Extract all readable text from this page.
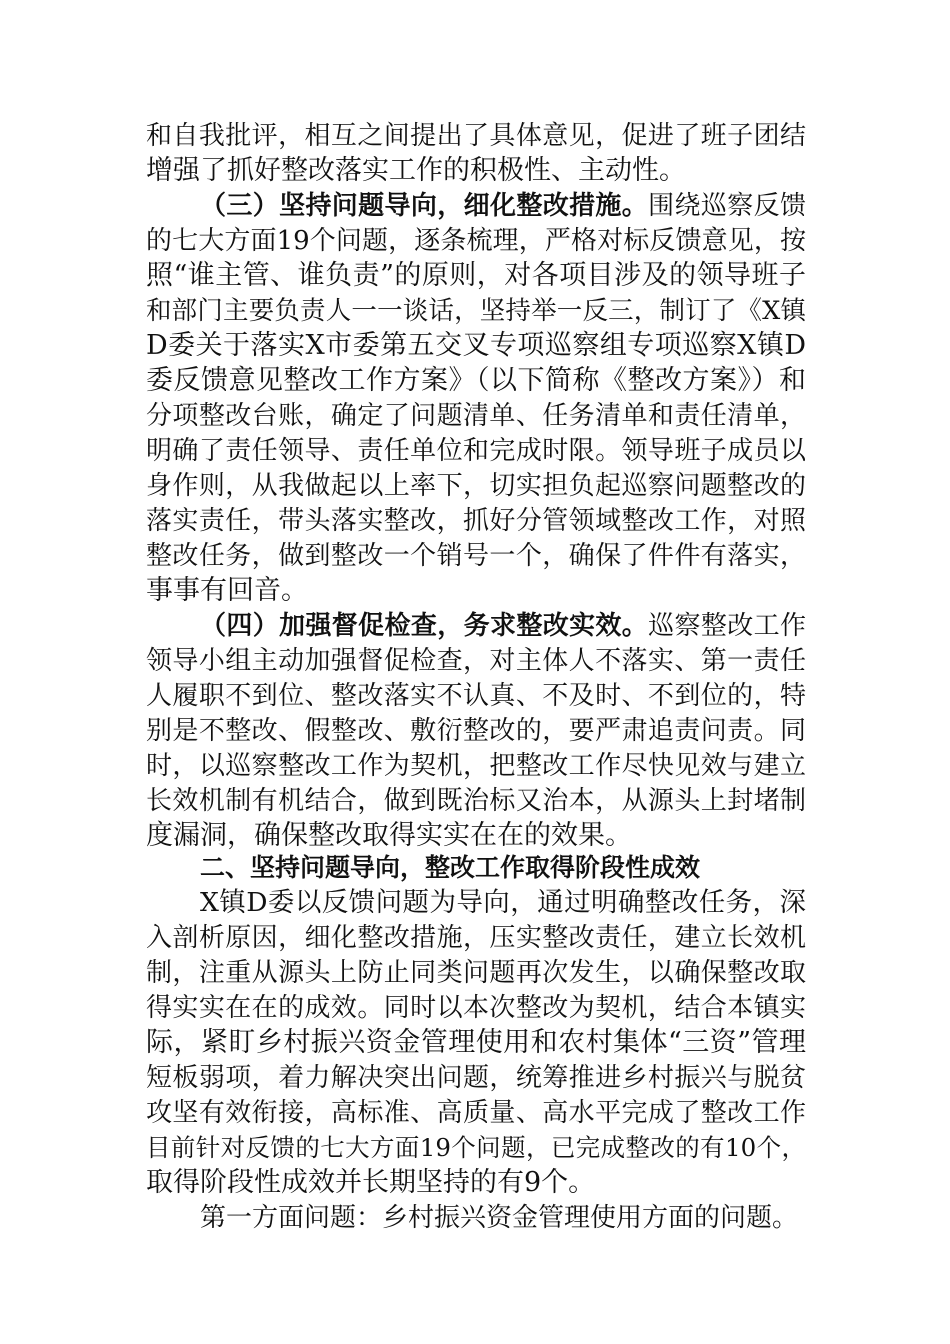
和自我批评，相互之间提出了具体意见，促进了班子团结
增强了抓好整改落实工作的积极性、主动性。
（三）坚持问题导向，细化整改措施。围绕巡察反馈
的七大方面19个问题，逐条梳理，严格对标反馈意见，按
照“谁主管、谁负责”的原则，对各项目涉及的领导班子
和部门主要负责人一一谈话，坚持举一反三，制订了《X镇
D委关于落实X市委第五交叉专项巡察组专项巡察X镇D
委反馈意见整改工作方案》（以下简称《整改方案》）和
分项整改台账，确定了问题清单、任务清单和责任清单，
明确了责任领导、责任单位和完成时限。领导班子成员以
身作则，从我做起以上率下，切实担负起巡察问题整改的
落实责任，带头落实整改，抓好分管领域整改工作，对照
整改任务，做到整改一个销号一个，确保了件件有落实，
事事有回音。
（四）加强督促检查，务求整改实效。巡察整改工作
领导小组主动加强督促检查，对主体人不落实、第一责任
人履职不到位、整改落实不认真、不及时、不到位的，特
别是不整改、假整改、敷衍整改的，要严肃追责问责。同
时，以巡察整改工作为契机，把整改工作尽快见效与建立
长效机制有机结合，做到既治标又治本，从源头上封堵制
度漏洞，确保整改取得实实在在的效果。
二、坚持问题导向，整改工作取得阶段性成效
X镇D委以反馈问题为导向，通过明确整改任务，深
入剖析原因，细化整改措施，压实整改责任，建立长效机
制，注重从源头上防止同类问题再次发生，以确保整改取
得实实在在的成效。同时以本次整改为契机，结合本镇实
际，紧盯乡村振兴资金管理使用和农村集体“三资”管理
短板弱项，着力解决突出问题，统筹推进乡村振兴与脱贫
攻坚有效衔接，高标准、高质量、高水平完成了整改工作
目前针对反馈的七大方面19个问题，已完成整改的有10个，
取得阶段性成效并长期坚持的有9个。
第一方面问题：乡村振兴资金管理使用方面的问题。
